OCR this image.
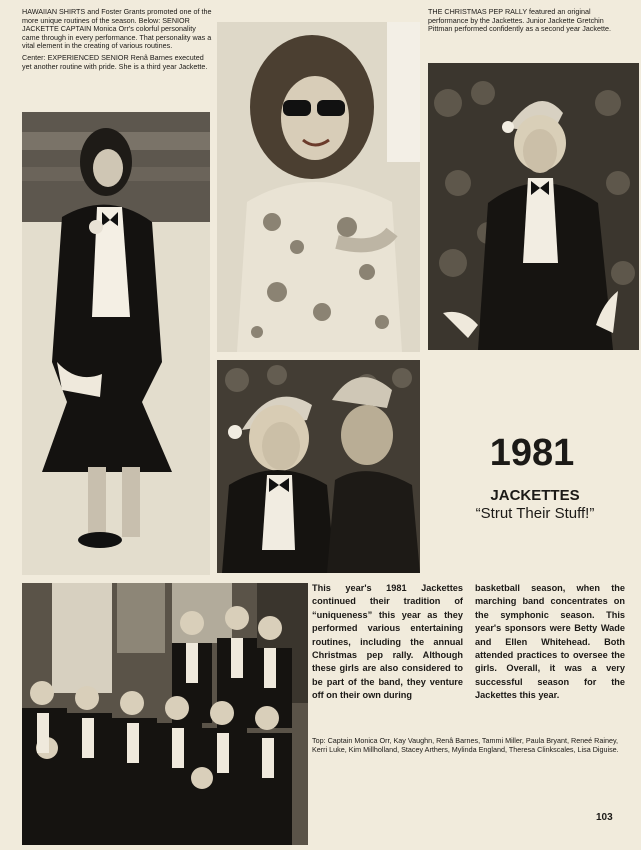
HAWAIIAN SHIRTS and Foster Grants promoted one of the more unique routines of the season. Below: SENIOR JACKETTE CAPTAIN Monica Orr's colorful personality came through in every performance. That personality was a vital element in the creating of various routines.

Center: EXPERIENCED SENIOR Renâ Barnes executed yet another routine with pride. She is a third year Jackette.

THE CHRISTMAS PEP RALLY featured an original performance by the Jackettes. Junior Jackette Gretchin Pittman performed confidently as a second year Jackette.

1981
JACKETTES
“Strut Their Stuff!”
This year's 1981 Jackettes continued their tradition of “uniqueness” this year as they performed various entertaining routines, including the annual Christmas pep rally. Although these girls are also considered to be part of the band, they venture off on their own during
basketball season, when the marching band concentrates on the symphonic season. This year's sponsors were Betty Wade and Ellen Whitehead. Both attended practices to oversee the girls. Overall, it was a very successful season for the Jackettes this year.
Top: Captain Monica Orr, Kay Vaughn, Renâ Barnes, Tammi Miller, Paula Bryant, Reneé Rainey, Kerri Luke, Kim Millholland, Stacey Arthers, Mylinda England, Theresa Clinkscales, Lisa Diguise.
103
